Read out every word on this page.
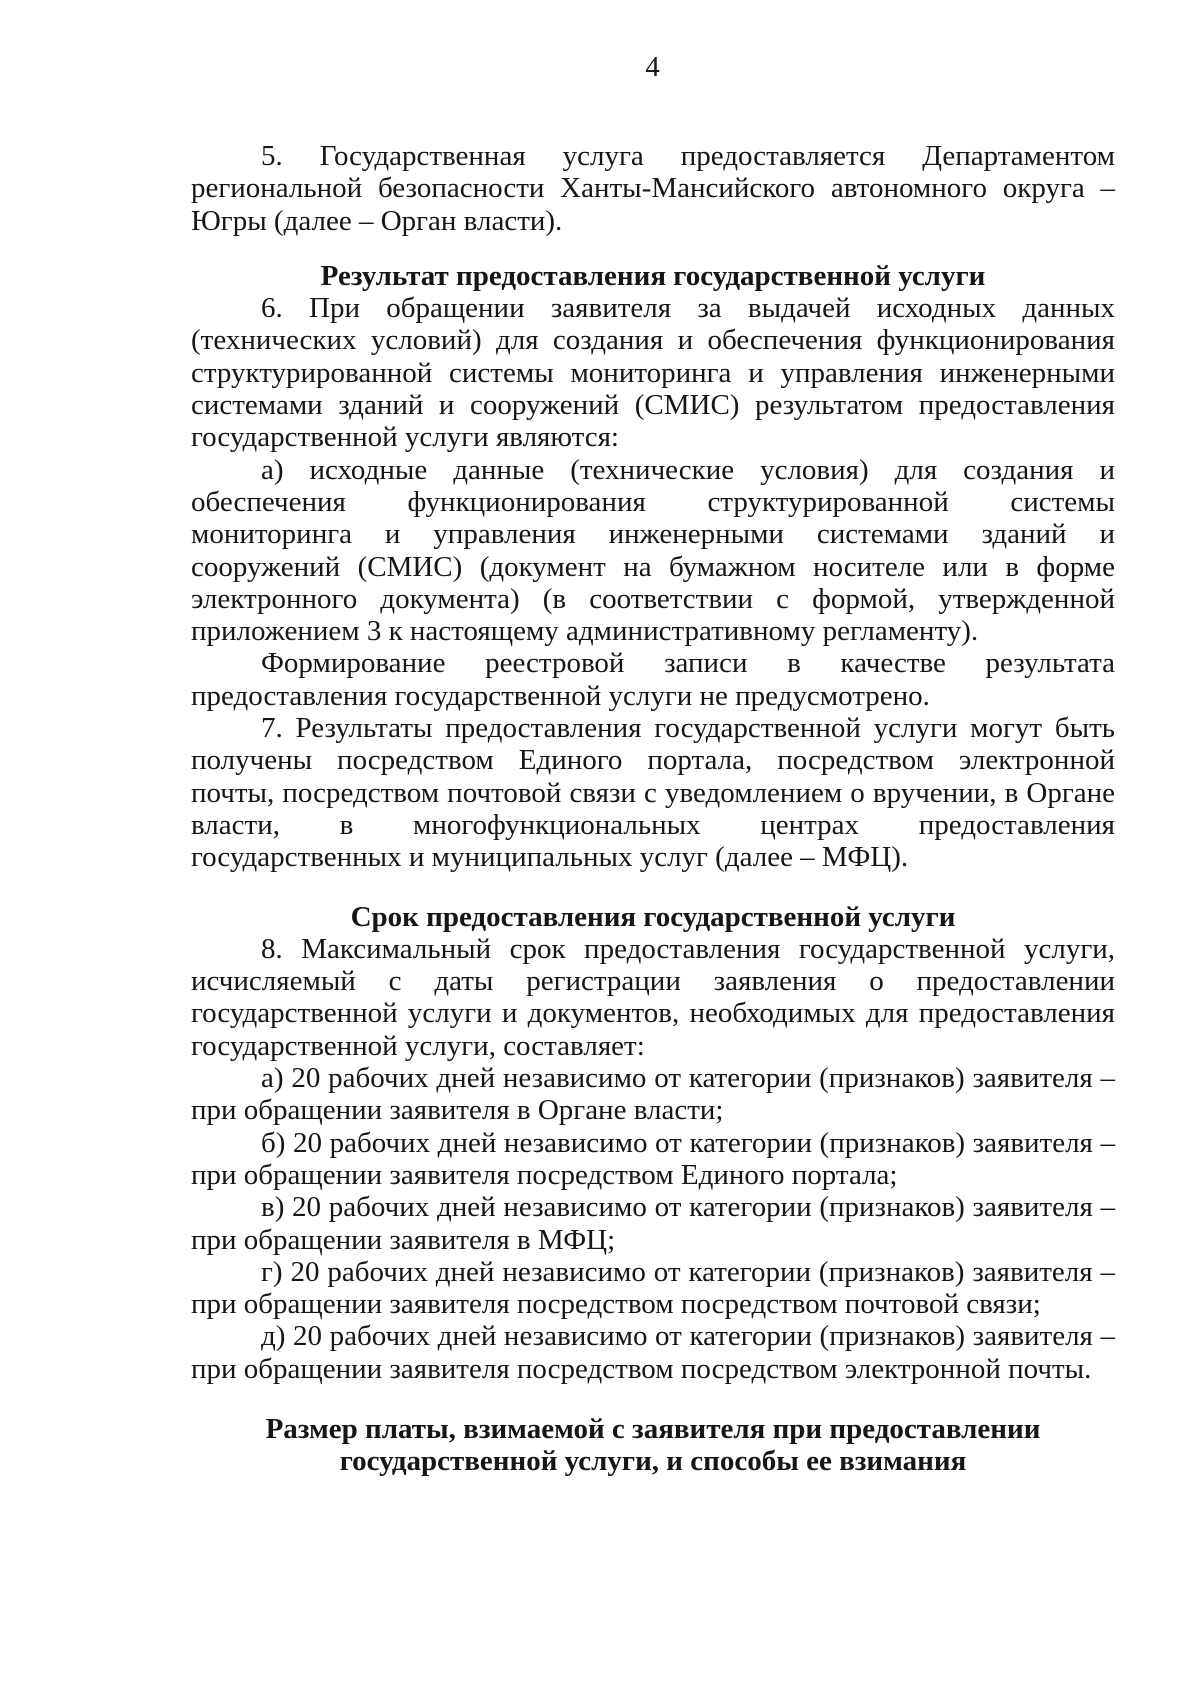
4

5. Государственная услуга предоставляется Департаментом региональной безопасности Ханты-Мансийского автономного округа – Югры (далее – Орган власти).

Результат предоставления государственной услуги

6. При обращении заявителя за выдачей исходных данных (технических условий) для создания и обеспечения функционирования структурированной системы мониторинга и управления инженерными системами зданий и сооружений (СМИС) результатом предоставления государственной услуги являются:

а) исходные данные (технические условия) для создания и обеспечения функционирования структурированной системы мониторинга и управления инженерными системами зданий и сооружений (СМИС) (документ на бумажном носителе или в форме электронного документа) (в соответствии с формой, утвержденной приложением 3 к настоящему административному регламенту).

Формирование реестровой записи в качестве результата предоставления государственной услуги не предусмотрено.

7. Результаты предоставления государственной услуги могут быть получены посредством Единого портала, посредством электронной почты, посредством почтовой связи с уведомлением о вручении, в Органе власти, в многофункциональных центрах предоставления государственных и муниципальных услуг (далее – МФЦ).

Срок предоставления государственной услуги

8. Максимальный срок предоставления государственной услуги, исчисляемый с даты регистрации заявления о предоставлении государственной услуги и документов, необходимых для предоставления государственной услуги, составляет:

а) 20 рабочих дней независимо от категории (признаков) заявителя – при обращении заявителя в Органе власти;

б) 20 рабочих дней независимо от категории (признаков) заявителя – при обращении заявителя посредством Единого портала;

в) 20 рабочих дней независимо от категории (признаков) заявителя – при обращении заявителя в МФЦ;

г) 20 рабочих дней независимо от категории (признаков) заявителя – при обращении заявителя посредством посредством почтовой связи;

д) 20 рабочих дней независимо от категории (признаков) заявителя – при обращении заявителя посредством посредством электронной почты.

Размер платы, взимаемой с заявителя при предоставлении
государственной услуги, и способы ее взимания
